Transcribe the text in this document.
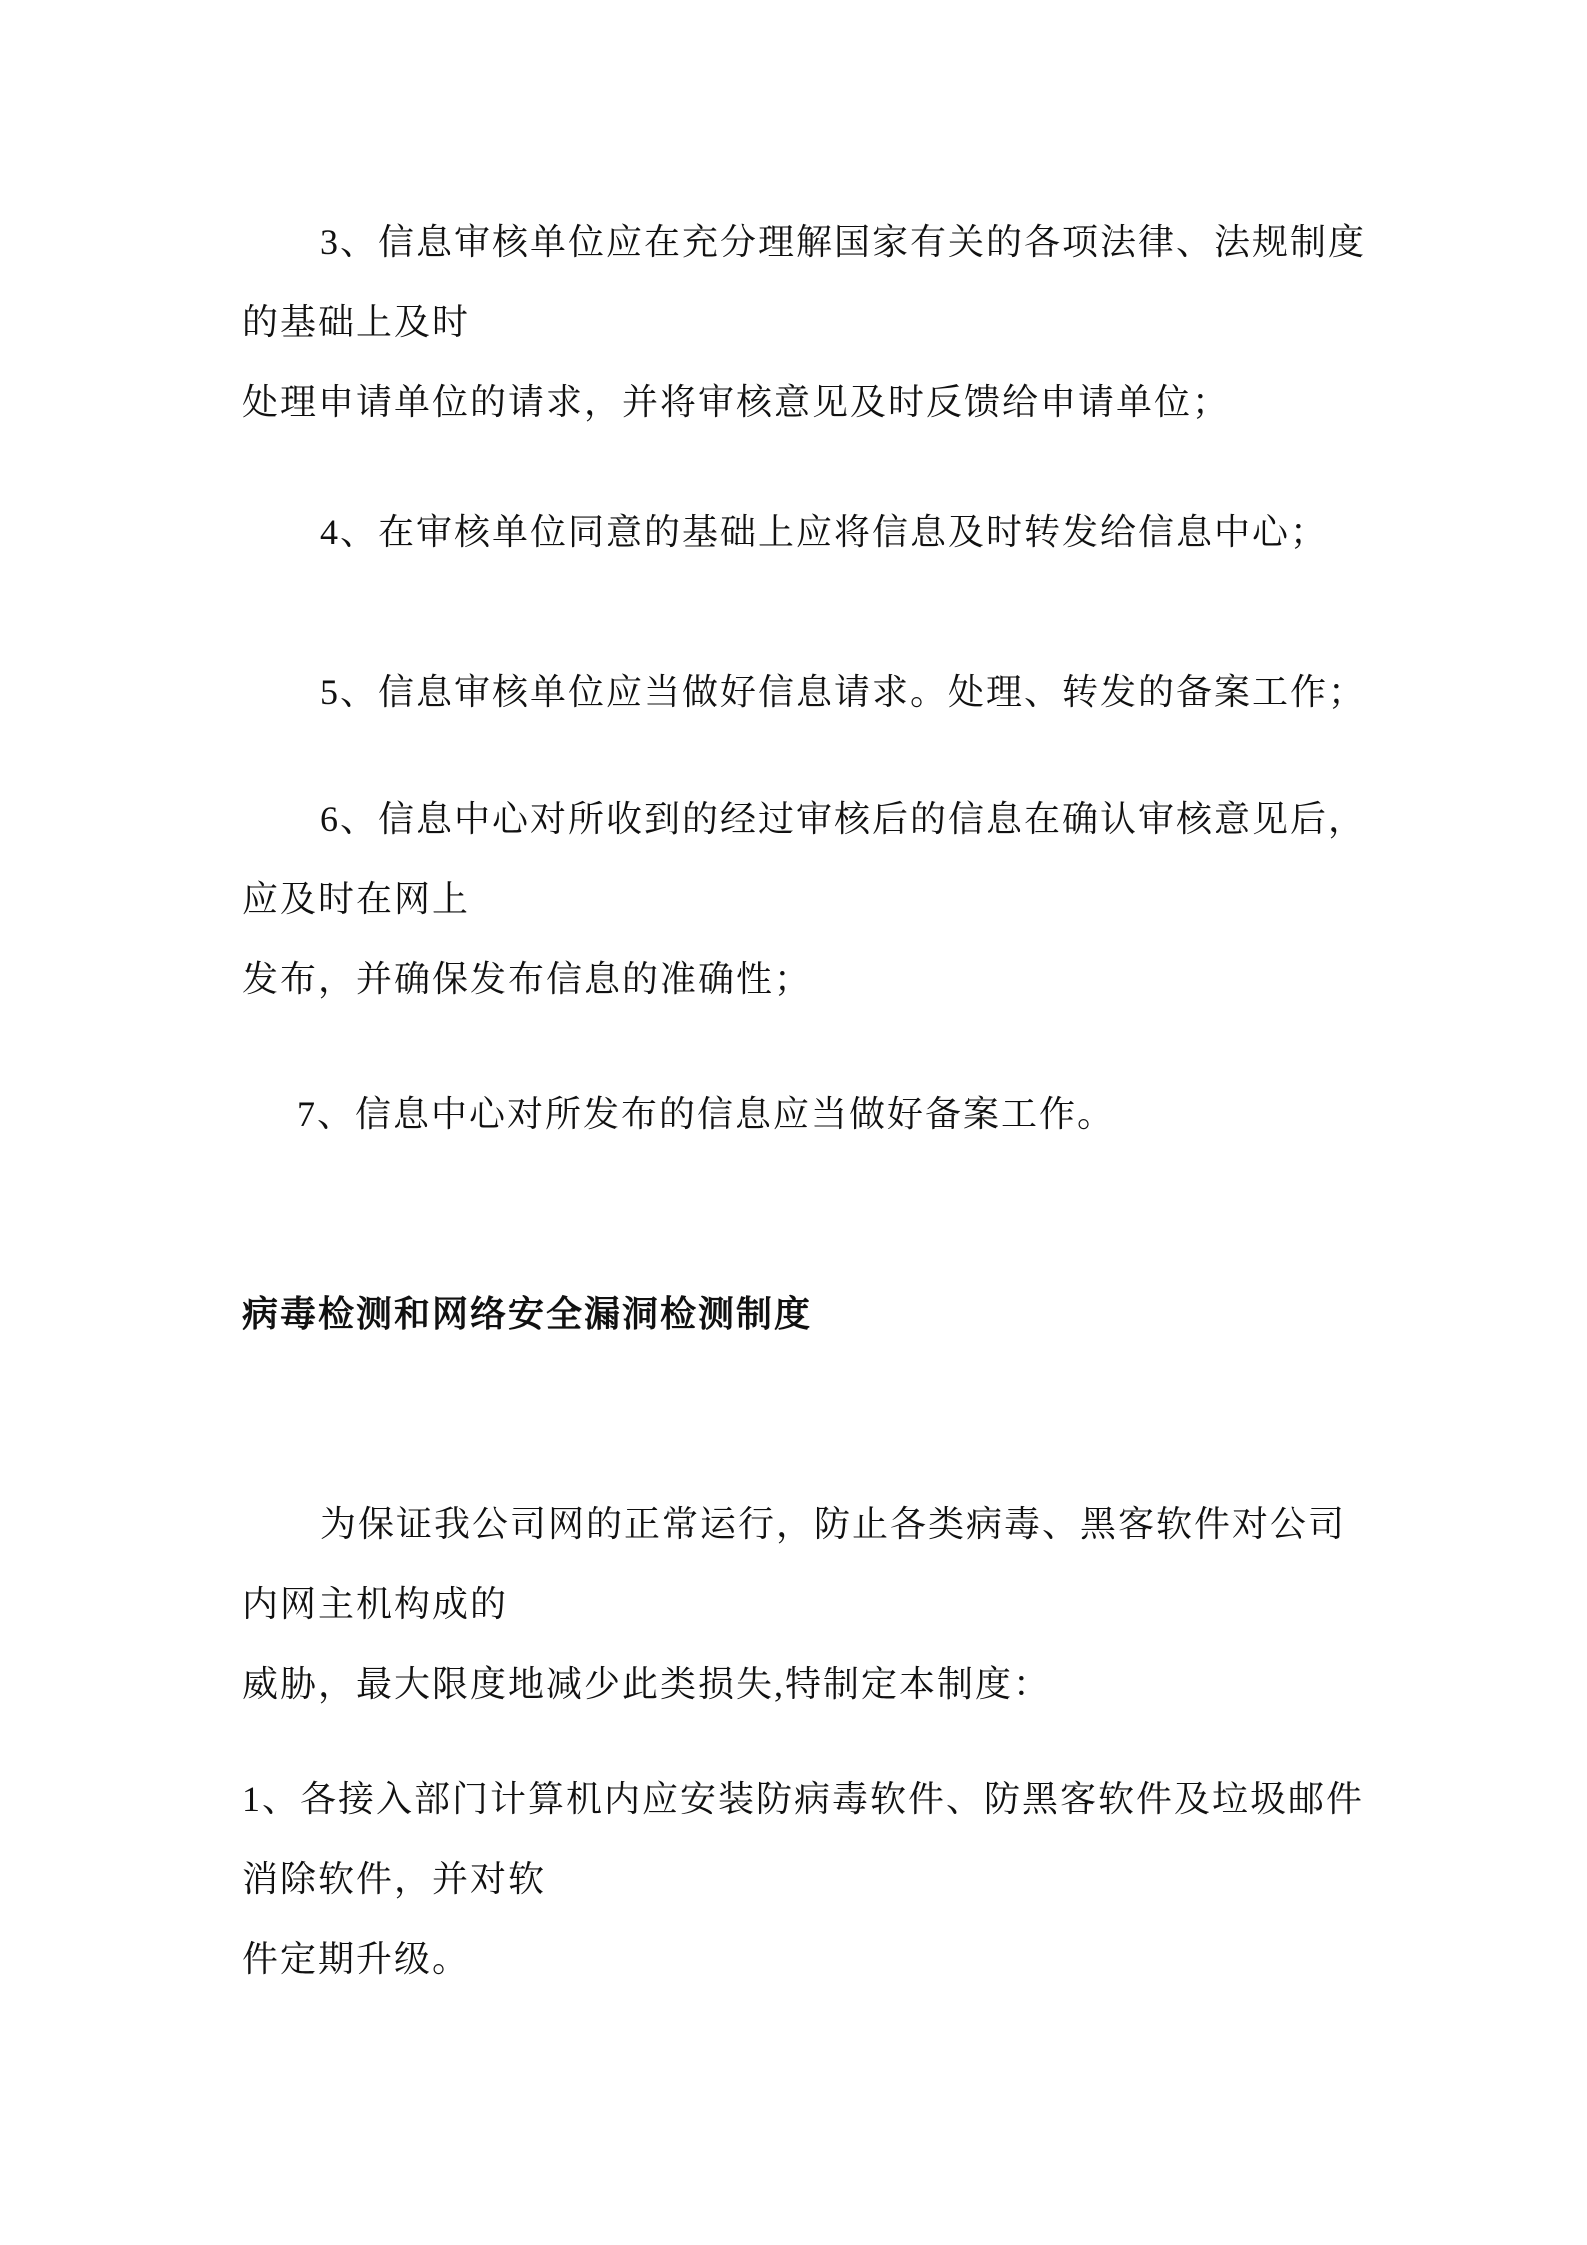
3、信息审核单位应在充分理解国家有关的各项法律、法规制度
的基础上及时
处理申请单位的请求，并将审核意见及时反馈给申请单位；
4、在审核单位同意的基础上应将信息及时转发给信息中心；
5、信息审核单位应当做好信息请求。处理、转发的备案工作；
6、信息中心对所收到的经过审核后的信息在确认审核意见后，
应及时在网上
发布，并确保发布信息的准确性；
7、信息中心对所发布的信息应当做好备案工作。
病毒检测和网络安全漏洞检测制度
为保证我公司网的正常运行，防止各类病毒、黑客软件对公司
内网主机构成的
威胁，最大限度地减少此类损失,特制定本制度：
1、各接入部门计算机内应安装防病毒软件、防黑客软件及垃圾邮件
消除软件，并对软
件定期升级。
